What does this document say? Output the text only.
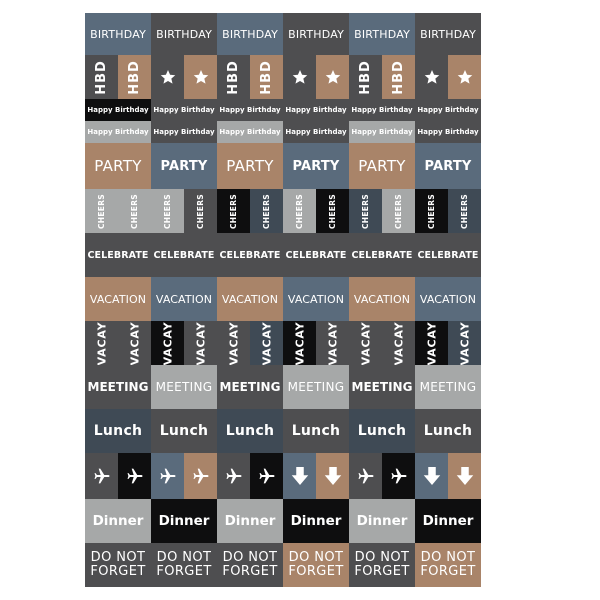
BIRTHDAY BIRTHDAY BIRTHDAY BIRTHDAY BIRTHDAY BIRTHDAY
HBD HBD	HBD HBD	HBD HBD
Happy Birthday Happy Birthday Happy Birthday Happy Birthday Happy Birthday Happy Birthday
Happy Birthday Happy Birthday Happy Birthday Happy Birthday Happy Birthday Happy Birthday
PARTY PARTY PARTY PARTY PARTY PARTY
CHEERS	CHEERS	CHEERS	CHEERS	CHEERS	CHEERS	CHEERS	CHEERS	CHEERS	CHEERS	CHEERS	CHEERS
CELEBRATE CELEBRATE CELEBRATE CELEBRATE CELEBRATE CELEBRATE
VACATION VACATION VACATION VACATION VACATION VACATION
VACAY VACAY VACAY VACAY VACAY VACAY VACAY VACAY VACAY VACAY VACAY VACAY
MEETING MEETING MEETING MEETING MEETING MEETING
Lunch Lunch Lunch Lunch Lunch Lunch
Dinner Dinner Dinner Dinner Dinner Dinner
DO NOT
FORGET
DO NOT
FORGET
DO NOT
FORGET
DO NOT
FORGET
DO NOT
FORGET
DO NOT
FORGET
